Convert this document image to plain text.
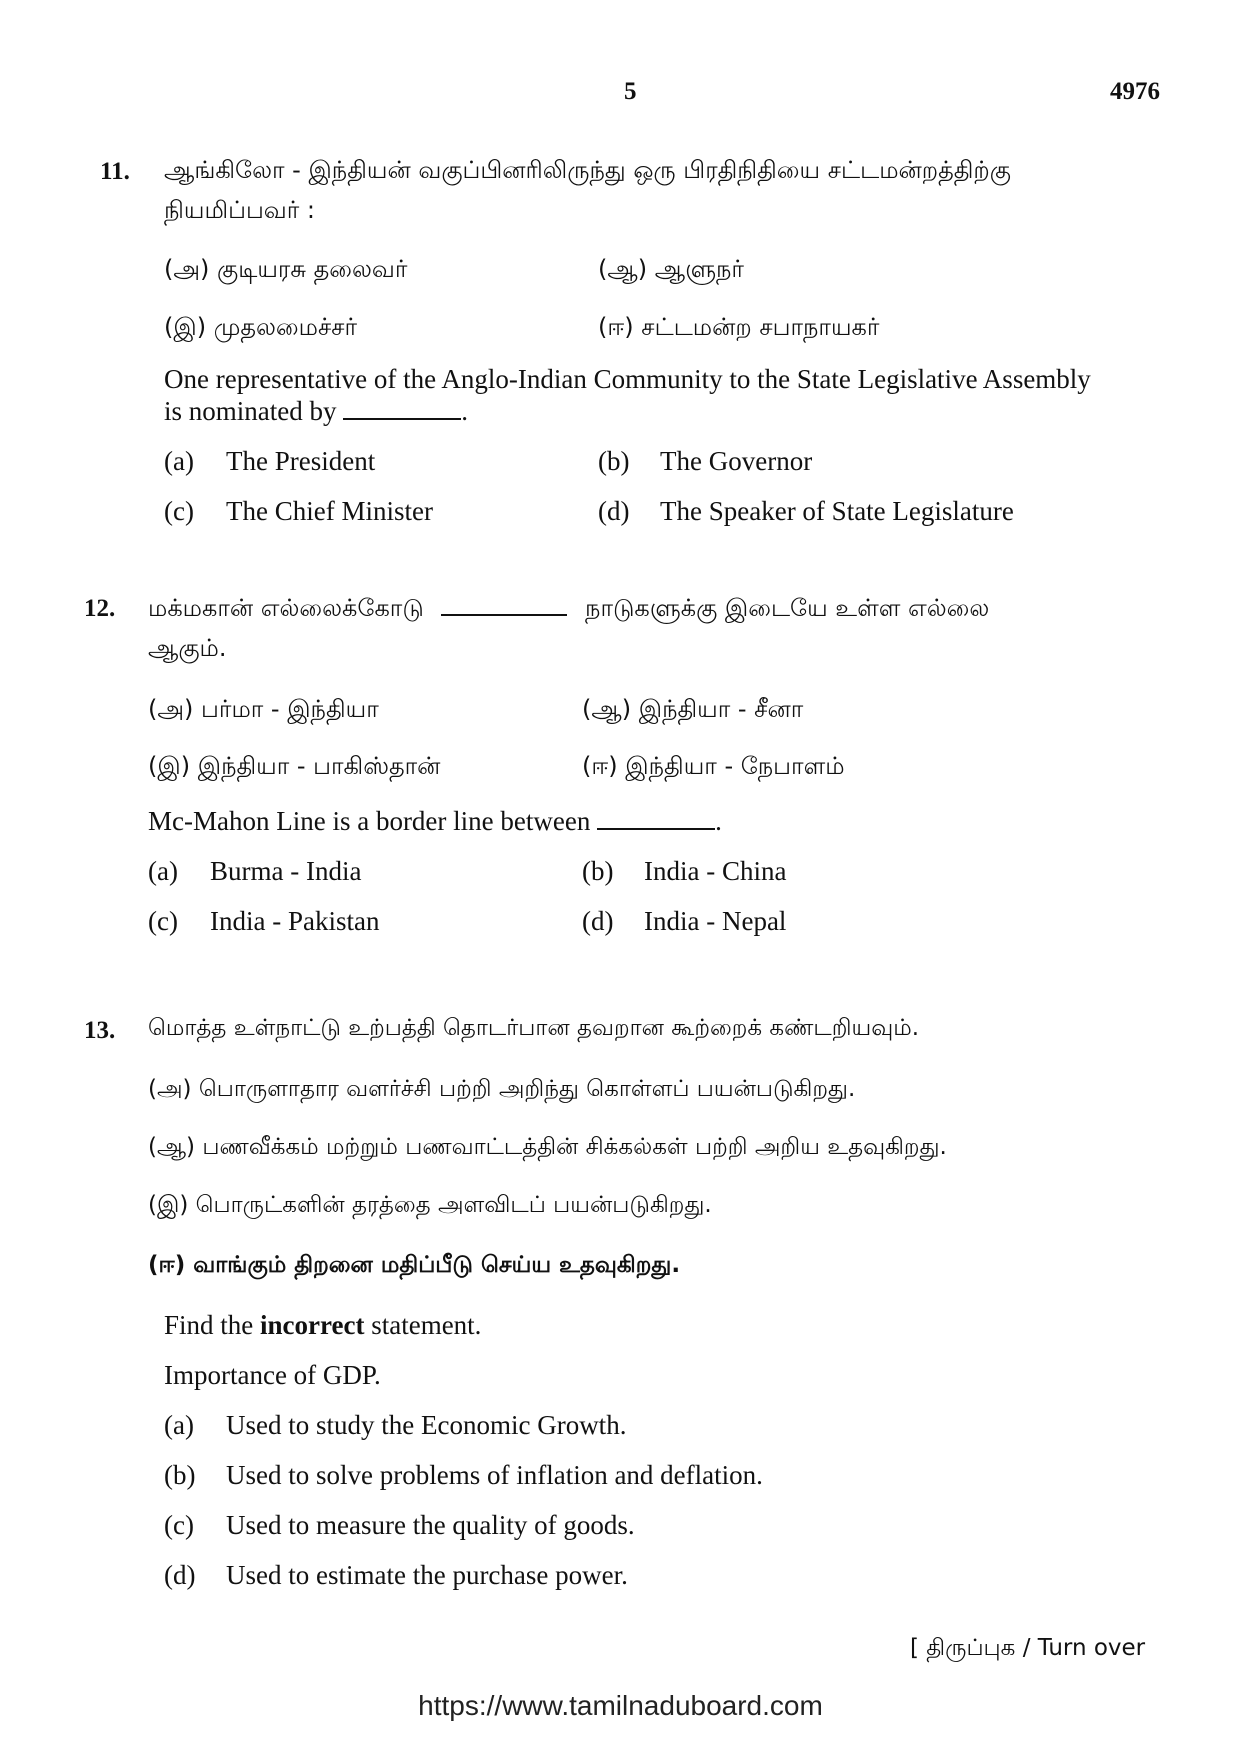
5	4976
11. ஆங்கிலோ - இந்தியன் வகுப்பினரிலிருந்து ஒரு பிரதிநிதியை சட்டமன்றத்திற்கு
நியமிப்பவர் :
(அ) குடியரசு தலைவர்	(ஆ) ஆளுநர்
(இ) முதலமைச்சர்	(ஈ) சட்டமன்ற சபாநாயகர்
One representative of the Anglo-Indian Community to the State Legislative Assembly
is nominated by	.
(a) The President	(b) The Governor
(c) The Chief Minister	(d) The Speaker of State Legislature
12. மக்மகான் எல்லைக்கோடு	நாடுகளுக்கு இடையே உள்ள எல்லை
ஆகும்.
(அ) பர்மா - இந்தியா	(ஆ) இந்தியா - சீனா
(இ) இந்தியா - பாகிஸ்தான்	(ஈ) இந்தியா - நேபாளம்
Mc-Mahon Line is a border line between	.
(a) Burma - India	(b) India - China
(c) India - Pakistan	(d) India - Nepal
13. மொத்த உள்நாட்டு உற்பத்தி தொடர்பான தவறான கூற்றைக் கண்டறியவும்.
(அ) பொருளாதார வளர்ச்சி பற்றி அறிந்து கொள்ளப் பயன்படுகிறது.
(ஆ) பணவீக்கம் மற்றும் பணவாட்டத்தின் சிக்கல்கள் பற்றி அறிய உதவுகிறது.
(இ) பொருட்களின் தரத்தை அளவிடப் பயன்படுகிறது.
(ஈ) வாங்கும் திறனை மதிப்பீடு செய்ய உதவுகிறது.
Find the incorrect statement.
Importance of GDP.
(a) Used to study the Economic Growth.
(b) Used to solve problems of inflation and deflation.
(c) Used to measure the quality of goods.
(d) Used to estimate the purchase power.
[ திருப்புக / Turn over
https://www.tamilnaduboard.com
